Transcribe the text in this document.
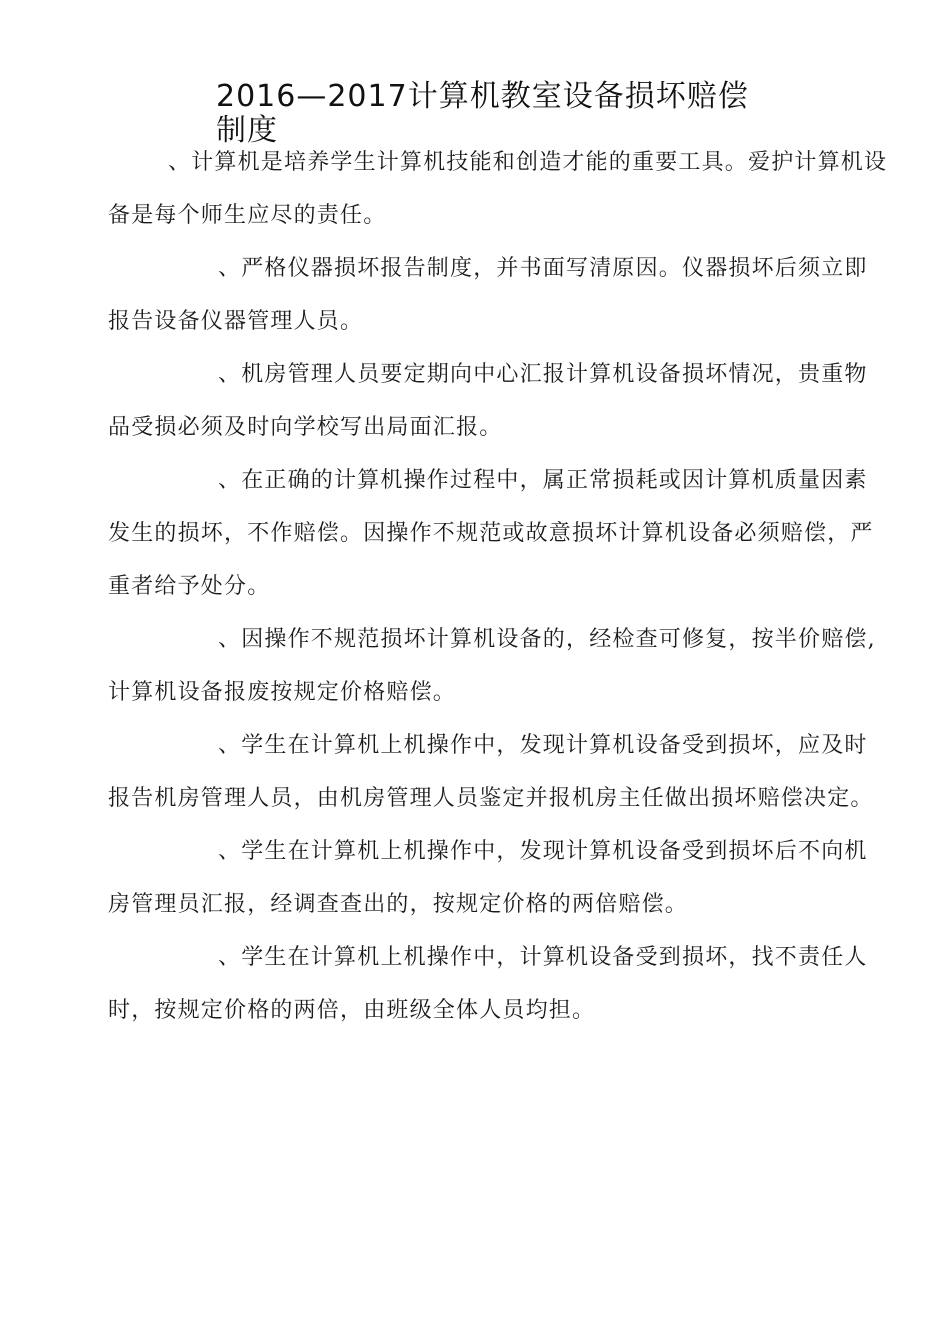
2016—2017计算机教室设备损坏赔偿制度

、计算机是培养学生计算机技能和创造才能的重要工具。爱护计算机设备是每个师生应尽的责任。

、严格仪器损坏报告制度，并书面写清原因。仪器损坏后须立即报告设备仪器管理人员。

、机房管理人员要定期向中心汇报计算机设备损坏情况，贵重物品受损必须及时向学校写出局面汇报。

、在正确的计算机操作过程中，属正常损耗或因计算机质量因素发生的损坏，不作赔偿。因操作不规范或故意损坏计算机设备必须赔偿，严重者给予处分。

、因操作不规范损坏计算机设备的，经检查可修复，按半价赔偿,计算机设备报废按规定价格赔偿。

、学生在计算机上机操作中，发现计算机设备受到损坏，应及时报告机房管理人员，由机房管理人员鉴定并报机房主任做出损坏赔偿决定。

、学生在计算机上机操作中，发现计算机设备受到损坏后不向机房管理员汇报，经调查查出的，按规定价格的两倍赔偿。

、学生在计算机上机操作中，计算机设备受到损坏，找不责任人时，按规定价格的两倍，由班级全体人员均担。
